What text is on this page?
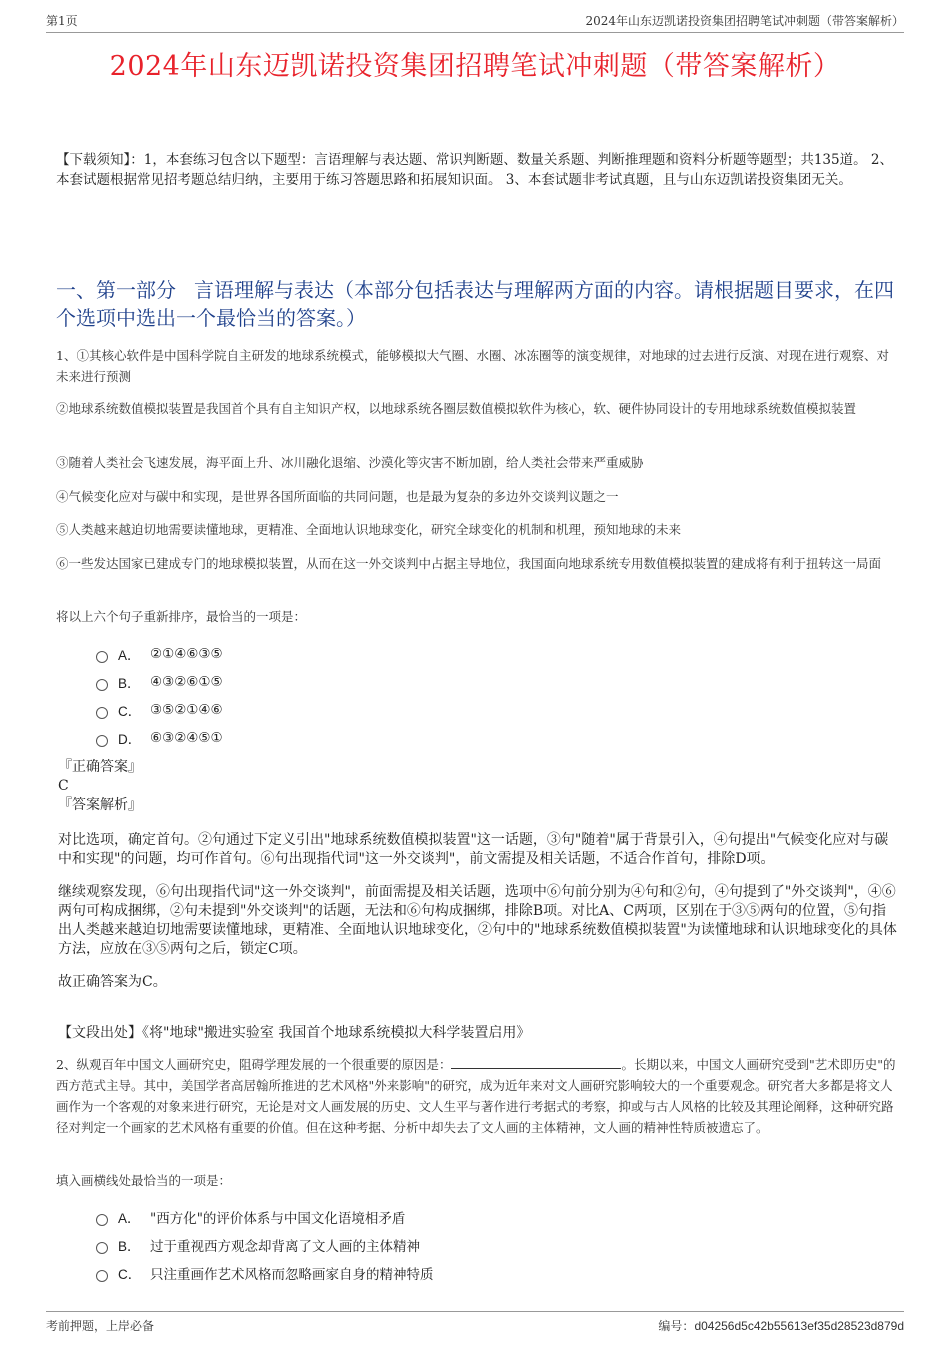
第1页	2024年山东迈凯诺投资集团招聘笔试冲刺题（带答案解析）
2024年山东迈凯诺投资集团招聘笔试冲刺题（带答案解析）
【下载须知】：1，本套练习包含以下题型：言语理解与表达题、常识判断题、数量关系题、判断推理题和资料分析题等题型；共135道。 2、本套试题根据常见招考题总结归纳，主要用于练习答题思路和拓展知识面。 3、本套试题非考试真题，且与山东迈凯诺投资集团无关。
一、第一部分 言语理解与表达（本部分包括表达与理解两方面的内容。请根据题目要求，在四个选项中选出一个最恰当的答案。）
1、①其核心软件是中国科学院自主研发的地球系统模式，能够模拟大气圈、水圈、冰冻圈等的演变规律，对地球的过去进行反演、对现在进行观察、对未来进行预测
②地球系统数值模拟装置是我国首个具有自主知识产权，以地球系统各圈层数值模拟软件为核心，软、硬件协同设计的专用地球系统数值模拟装置
③随着人类社会飞速发展，海平面上升、冰川融化退缩、沙漠化等灾害不断加剧，给人类社会带来严重威胁
④气候变化应对与碳中和实现，是世界各国所面临的共同问题，也是最为复杂的多边外交谈判议题之一
⑤人类越来越迫切地需要读懂地球，更精准、全面地认识地球变化，研究全球变化的机制和机理，预知地球的未来
⑥一些发达国家已建成专门的地球模拟装置，从而在这一外交谈判中占据主导地位，我国面向地球系统专用数值模拟装置的建成将有利于扭转这一局面
将以上六个句子重新排序，最恰当的一项是：
A． ②①④⑥③⑤
B． ④③②⑥①⑤
C． ③⑤②①④⑥
D． ⑥③②④⑤①
『正确答案』
C
『答案解析』

对比选项，确定首句。②句通过下定义引出"地球系统数值模拟装置"这一话题，③句"随着"属于背景引入，④句提出"气候变化应对与碳中和实现"的问题，均可作首句。⑥句出现指代词"这一外交谈判"，前文需提及相关话题，不适合作首句，排除D项。

继续观察发现，⑥句出现指代词"这一外交谈判"，前面需提及相关话题，选项中⑥句前分别为④句和②句，④句提到了"外交谈判"，④⑥两句可构成捆绑，②句未提到"外交谈判"的话题，无法和⑥句构成捆绑，排除B项。对比A、C两项，区别在于③⑤两句的位置，⑤句指出人类越来越迫切地需要读懂地球，更精准、全面地认识地球变化，②句中的"地球系统数值模拟装置"为读懂地球和认识地球变化的具体方法，应放在③⑤两句之后，锁定C项。

故正确答案为C。

【文段出处】《将"地球"搬进实验室 我国首个地球系统模拟大科学装置启用》
2、纵观百年中国文人画研究史，阻碍学理发展的一个很重要的原因是：	。长期以来，中国文人画研究受到"艺术即历史"的西方范式主导。其中，美国学者高居翰所推进的艺术风格"外来影响"的研究，成为近年来对文人画研究影响较大的一个重要观念。研究者大多都是将文人画作为一个客观的对象来进行研究，无论是对文人画发展的历史、文人生平与著作进行考据式的考察，抑或与古人风格的比较及其理论阐释，这种研究路径对判定一个画家的艺术风格有重要的价值。但在这种考据、分析中却失去了文人画的主体精神，文人画的精神性特质被遗忘了。
填入画横线处最恰当的一项是：
A． "西方化"的评价体系与中国文化语境相矛盾
B． 过于重视西方观念却背离了文人画的主体精神
C． 只注重画作艺术风格而忽略画家自身的精神特质
考前押题，上岸必备	编号：d04256d5c42b55613ef35d28523d879d
